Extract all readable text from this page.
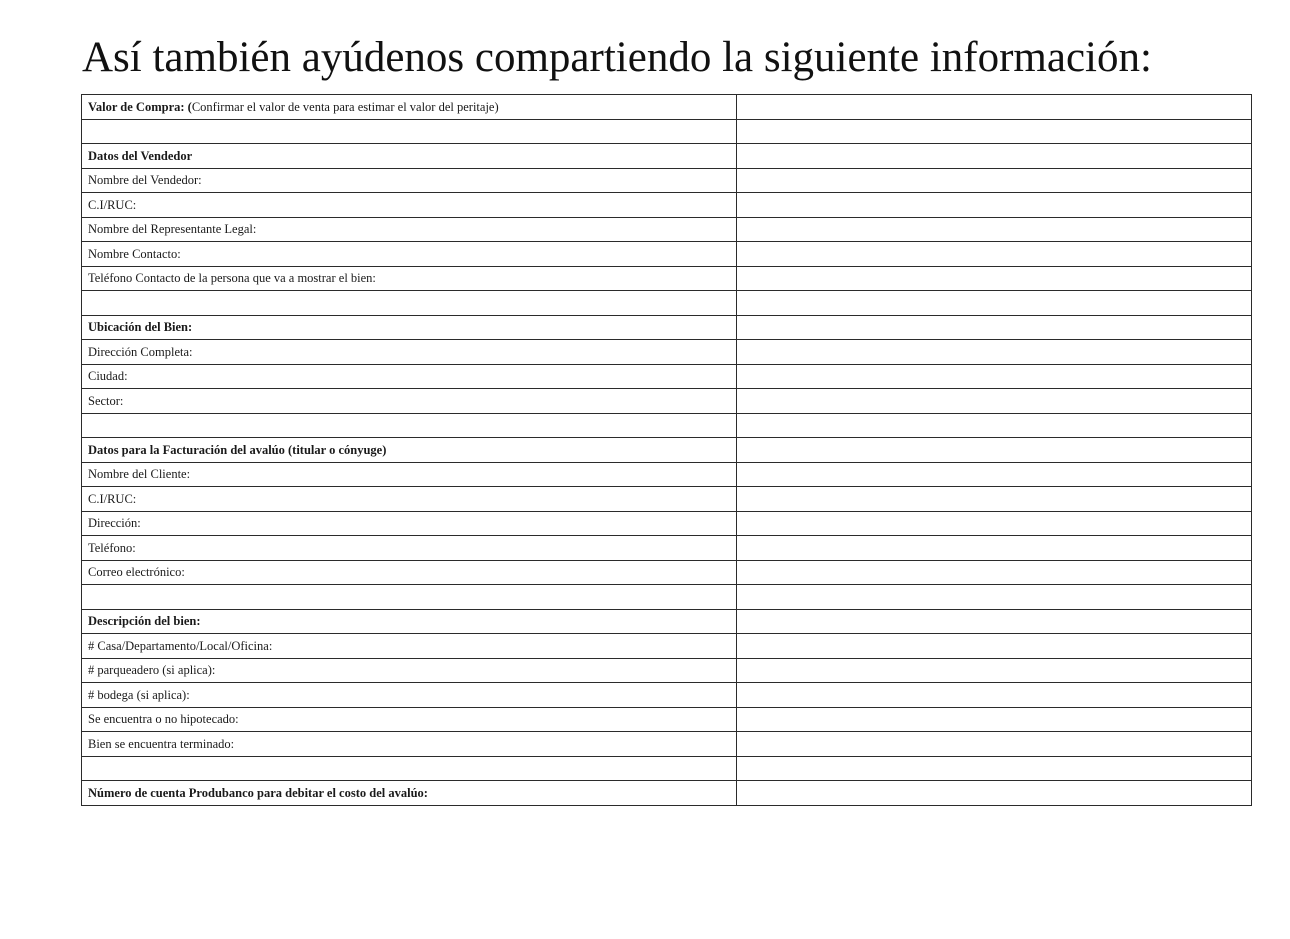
Así también ayúdenos compartiendo la siguiente información:
Valor de Compra: (Confirmar el valor de venta para estimar el valor del peritaje)	

Datos del Vendedor	
Nombre del Vendedor:	
C.I/RUC:	
Nombre del Representante Legal:	
Nombre Contacto:	
Teléfono Contacto de la persona que va a mostrar el bien:	

Ubicación del Bien:	
Dirección Completa:	
Ciudad:	
Sector:	

Datos para la Facturación del avalúo (titular o cónyuge)	
Nombre del Cliente:	
C.I/RUC:	
Dirección:	
Teléfono:	
Correo electrónico:	

Descripción del bien:	
# Casa/Departamento/Local/Oficina:	
# parqueadero (si aplica):	
# bodega (si aplica):	
Se encuentra o no hipotecado:	
Bien se encuentra terminado:	

Número de cuenta Produbanco para debitar el costo del avalúo:	
